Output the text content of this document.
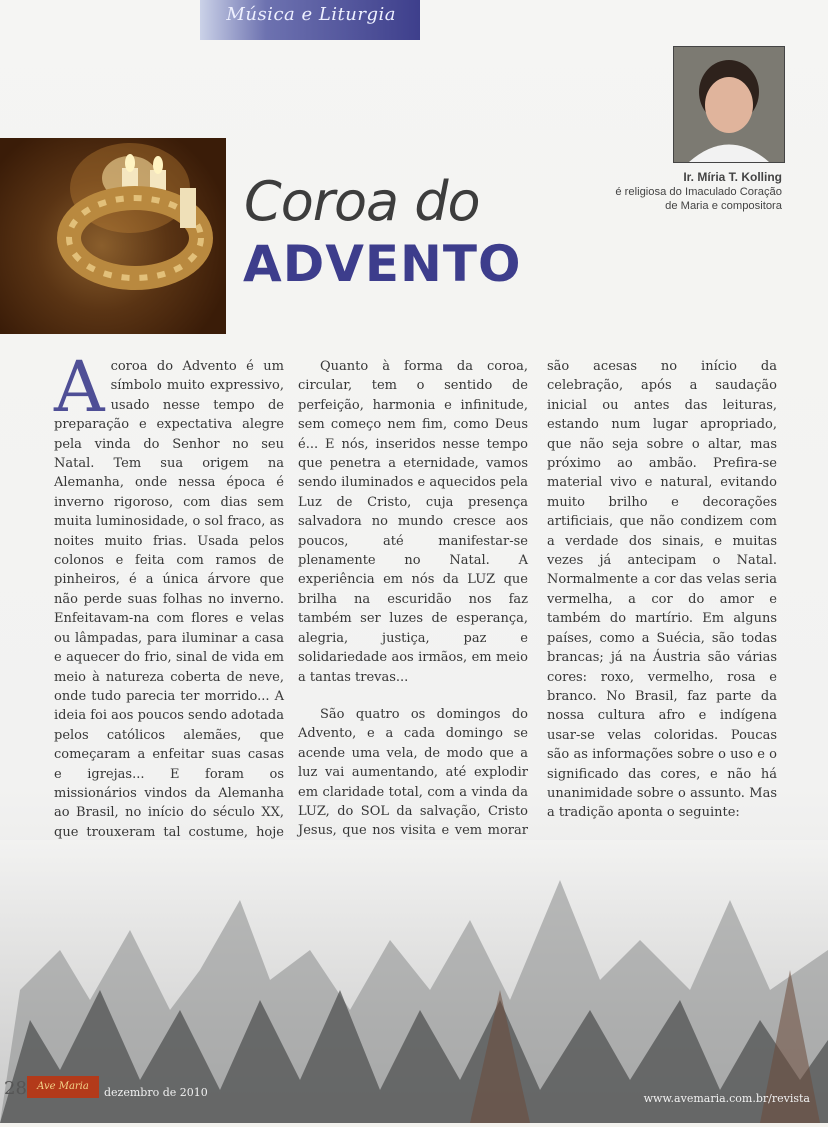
Música e Liturgia
Ir. Míria T. Kolling
é religiosa do Imaculado Coração de Maria e compositora
Coroa do
ADVENTO

Acoroa do Advento é um símbolo muito expressivo, usado nesse tempo de preparação e expectativa alegre pela vinda do Senhor no seu Natal. Tem sua origem na Alemanha, onde nessa época é inverno rigoroso, com dias sem muita luminosidade, o sol fraco, as noites muito frias. Usada pelos colonos e feita com ramos de pinheiros, é a única árvore que não perde suas folhas no inverno. Enfeitavam-na com flores e velas ou lâmpadas, para iluminar a casa e aquecer do frio, sinal de vida em meio à natureza coberta de neve, onde tudo parecia ter morrido... A ideia foi aos poucos sendo adotada pelos católicos alemães, que começaram a enfeitar suas casas e igrejas... E foram os missionários vindos da Alemanha ao Brasil, no início do século XX, que trouxeram tal costume, hoje

Quanto à forma da coroa, circular, tem o sentido de perfeição, harmonia e infinitude, sem começo nem fim, como Deus é... E nós, inseridos nesse tempo que penetra a eternidade, vamos sendo iluminados e aquecidos pela Luz de Cristo, cuja presença salvadora no mundo cresce aos poucos, até manifestar-se plenamente no Natal. A experiência em nós da LUZ que brilha na escuridão nos faz também ser luzes de esperança, alegria, justiça, paz e solidariedade aos irmãos, em meio a tantas trevas...

São quatro os domingos do Advento, e a cada domingo se acende uma vela, de modo que a luz vai aumentando, até explodir em claridade total, com a vinda da LUZ, do SOL da salvação, Cristo Jesus, que nos visita e vem morar

são acesas no início da celebração, após a saudação inicial ou antes das leituras, estando num lugar apropriado, que não seja sobre o altar, mas próximo ao ambão. Prefira-se material vivo e natural, evitando muito brilho e decorações artificiais, que não condizem com a verdade dos sinais, e muitas vezes já antecipam o Natal. Normalmente a cor das velas seria vermelha, a cor do amor e também do martírio. Em alguns países, como a Suécia, são todas brancas; já na Áustria são várias cores: roxo, vermelho, rosa e branco. No Brasil, faz parte da nossa cultura afro e indígena usar-se velas coloridas. Poucas são as informações sobre o uso e o significado das cores, e não há unanimidade sobre o assunto. Mas a tradição aponta o seguinte:

28	Ave Maria	dezembro de 2010	www.avemaria.com.br/revista
